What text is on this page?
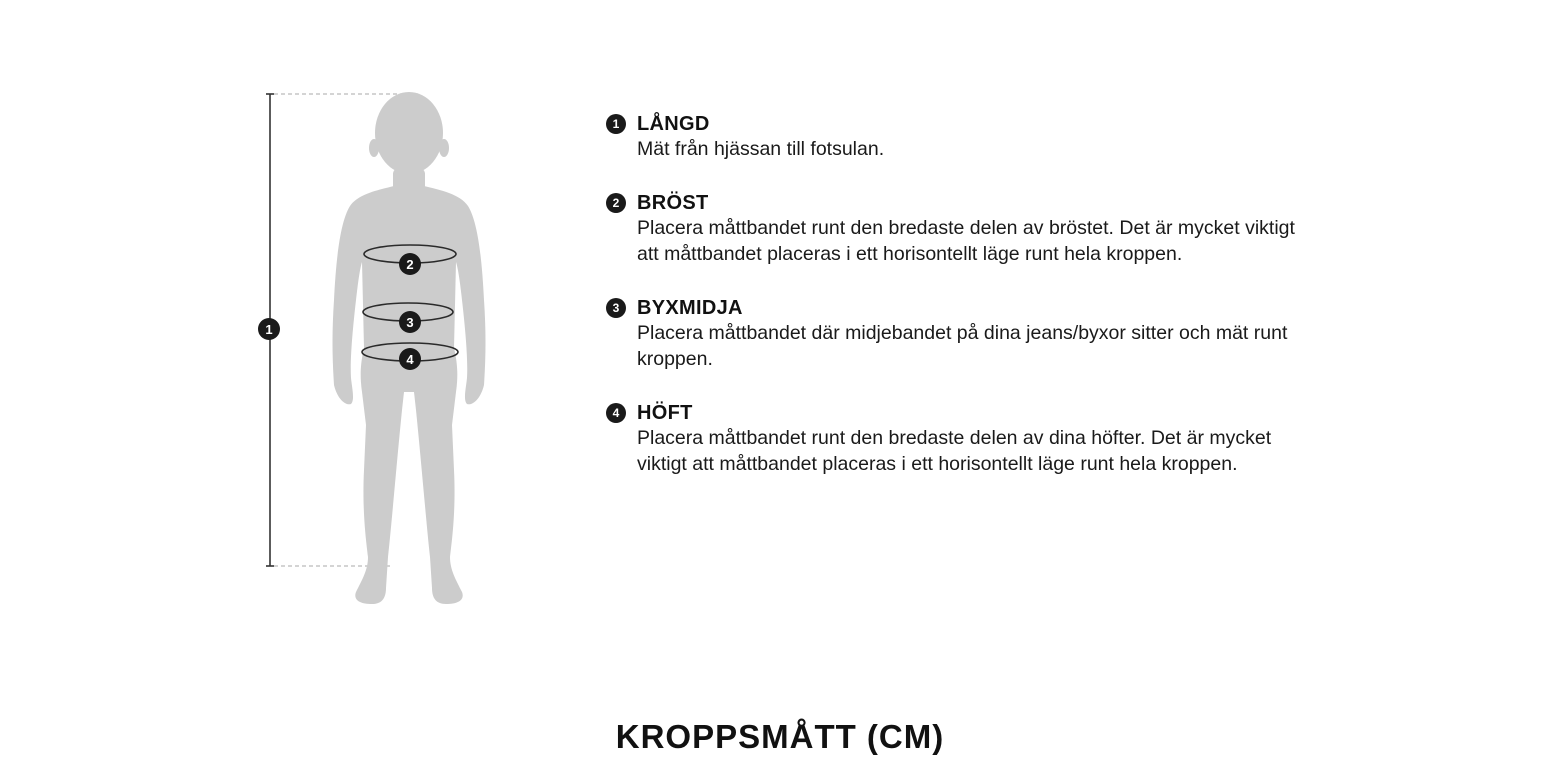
1
2
3
4
1 LÅNGD
Mät från hjässan till fotsulan.
2 BRÖST
Placera måttbandet runt den bredaste delen av bröstet. Det är mycket viktigt att måttbandet placeras i ett horisontellt läge runt hela kroppen.
3 BYXMIDJA
Placera måttbandet där midjebandet på dina jeans/byxor sitter och mät runt kroppen.
4 HÖFT
Placera måttbandet runt den bredaste delen av dina höfter. Det är mycket viktigt att måttbandet placeras i ett horisontellt läge runt hela kroppen.
KROPPSMÅTT (CM)
